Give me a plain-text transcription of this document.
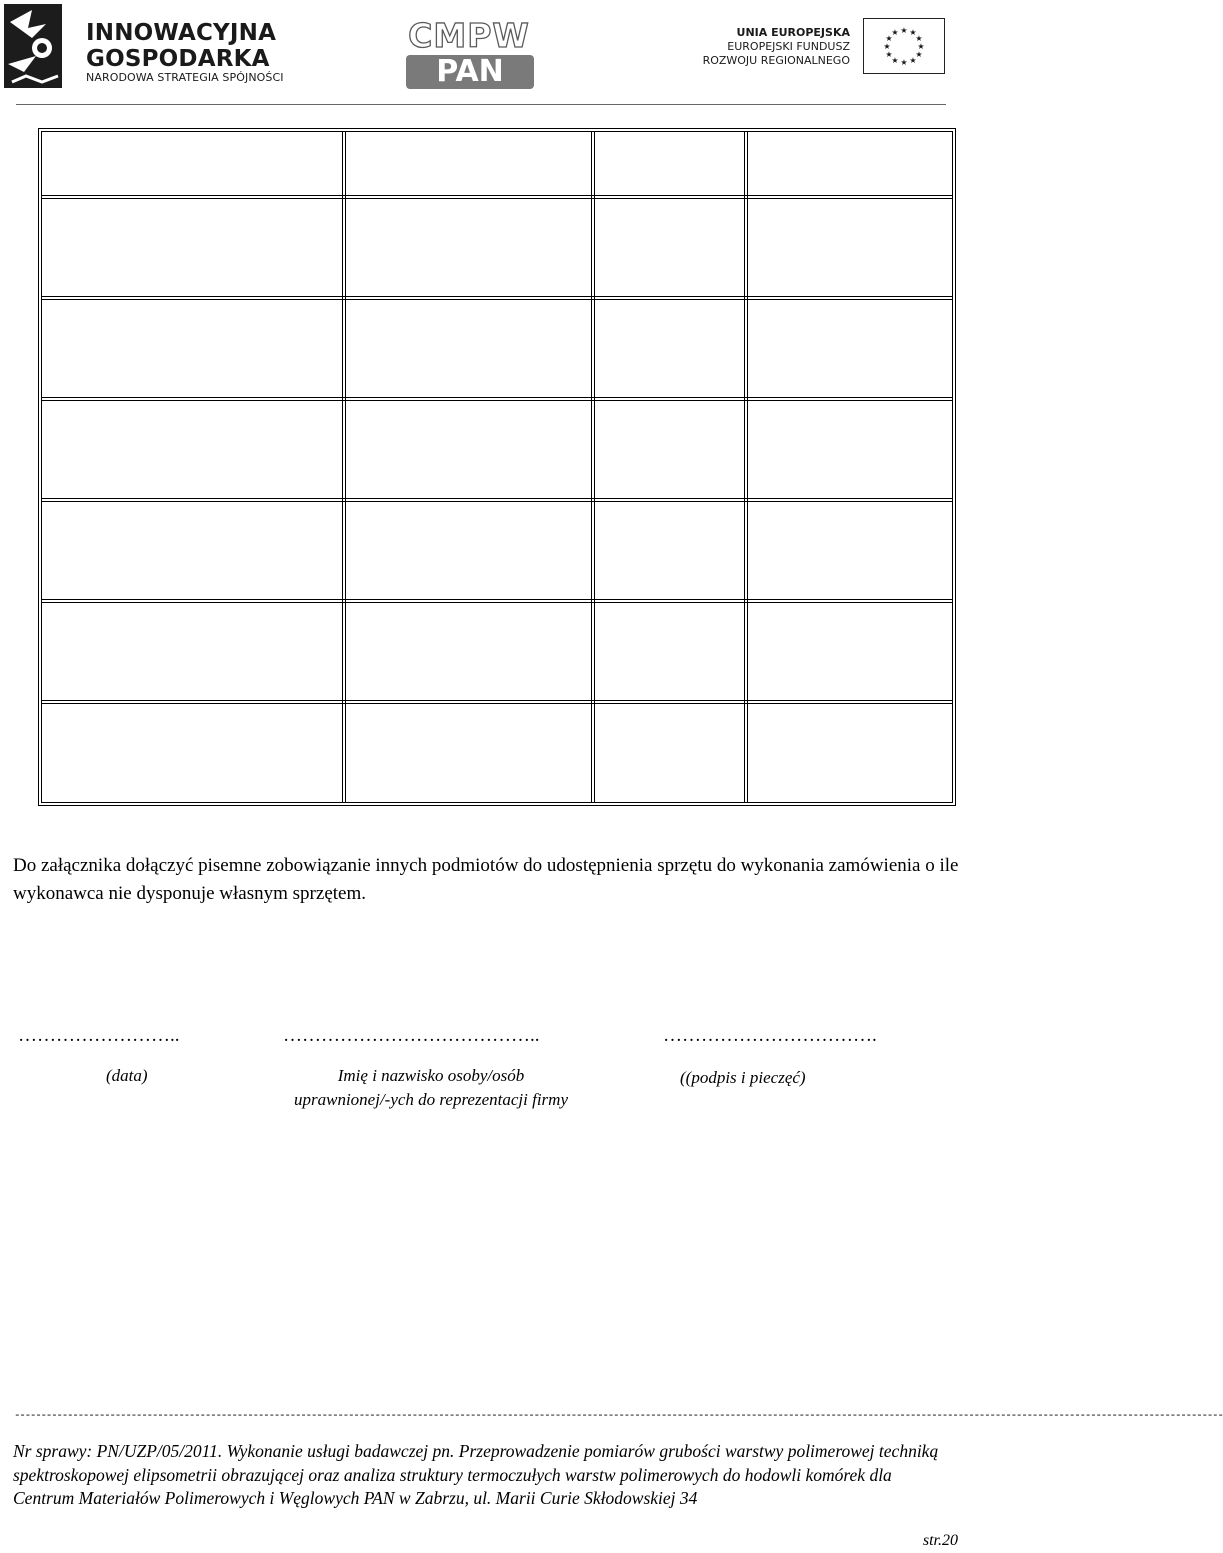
INNOWACYJNA
GOSPODARKA
NARODOWA STRATEGIA SPÓJNOŚCI
CMPW
PAN
UNIA EUROPEJSKA
EUROPEJSKI FUNDUSZ
ROZWOJU REGIONALNEGO
★ ★
★
★
★
★
★
★
★
★
★
★
Do załącznika dołączyć pisemne zobowiązanie innych podmiotów do udostępnienia sprzętu do wykonania zamówienia o ile wykonawca nie dysponuje własnym sprzętem.
……………………..	…………………………………..	…………………………….
(data)	Imię i nazwisko osoby/osób
uprawnionej/-ych do reprezentacji firmy
((podpis i pieczęć)
------------------------------------------------------------------------------------------------------------------------------------------------------------------------------------------------------------------------------------
Nr sprawy: PN/UZP/05/2011. Wykonanie usługi badawczej pn. Przeprowadzenie pomiarów grubości warstwy polimerowej techniką spektroskopowej elipsometrii obrazującej oraz analiza struktury termoczułych warstw polimerowych do hodowli komórek dla Centrum Materiałów Polimerowych i Węglowych PAN w Zabrzu, ul. Marii Curie Skłodowskiej 34
str.20
